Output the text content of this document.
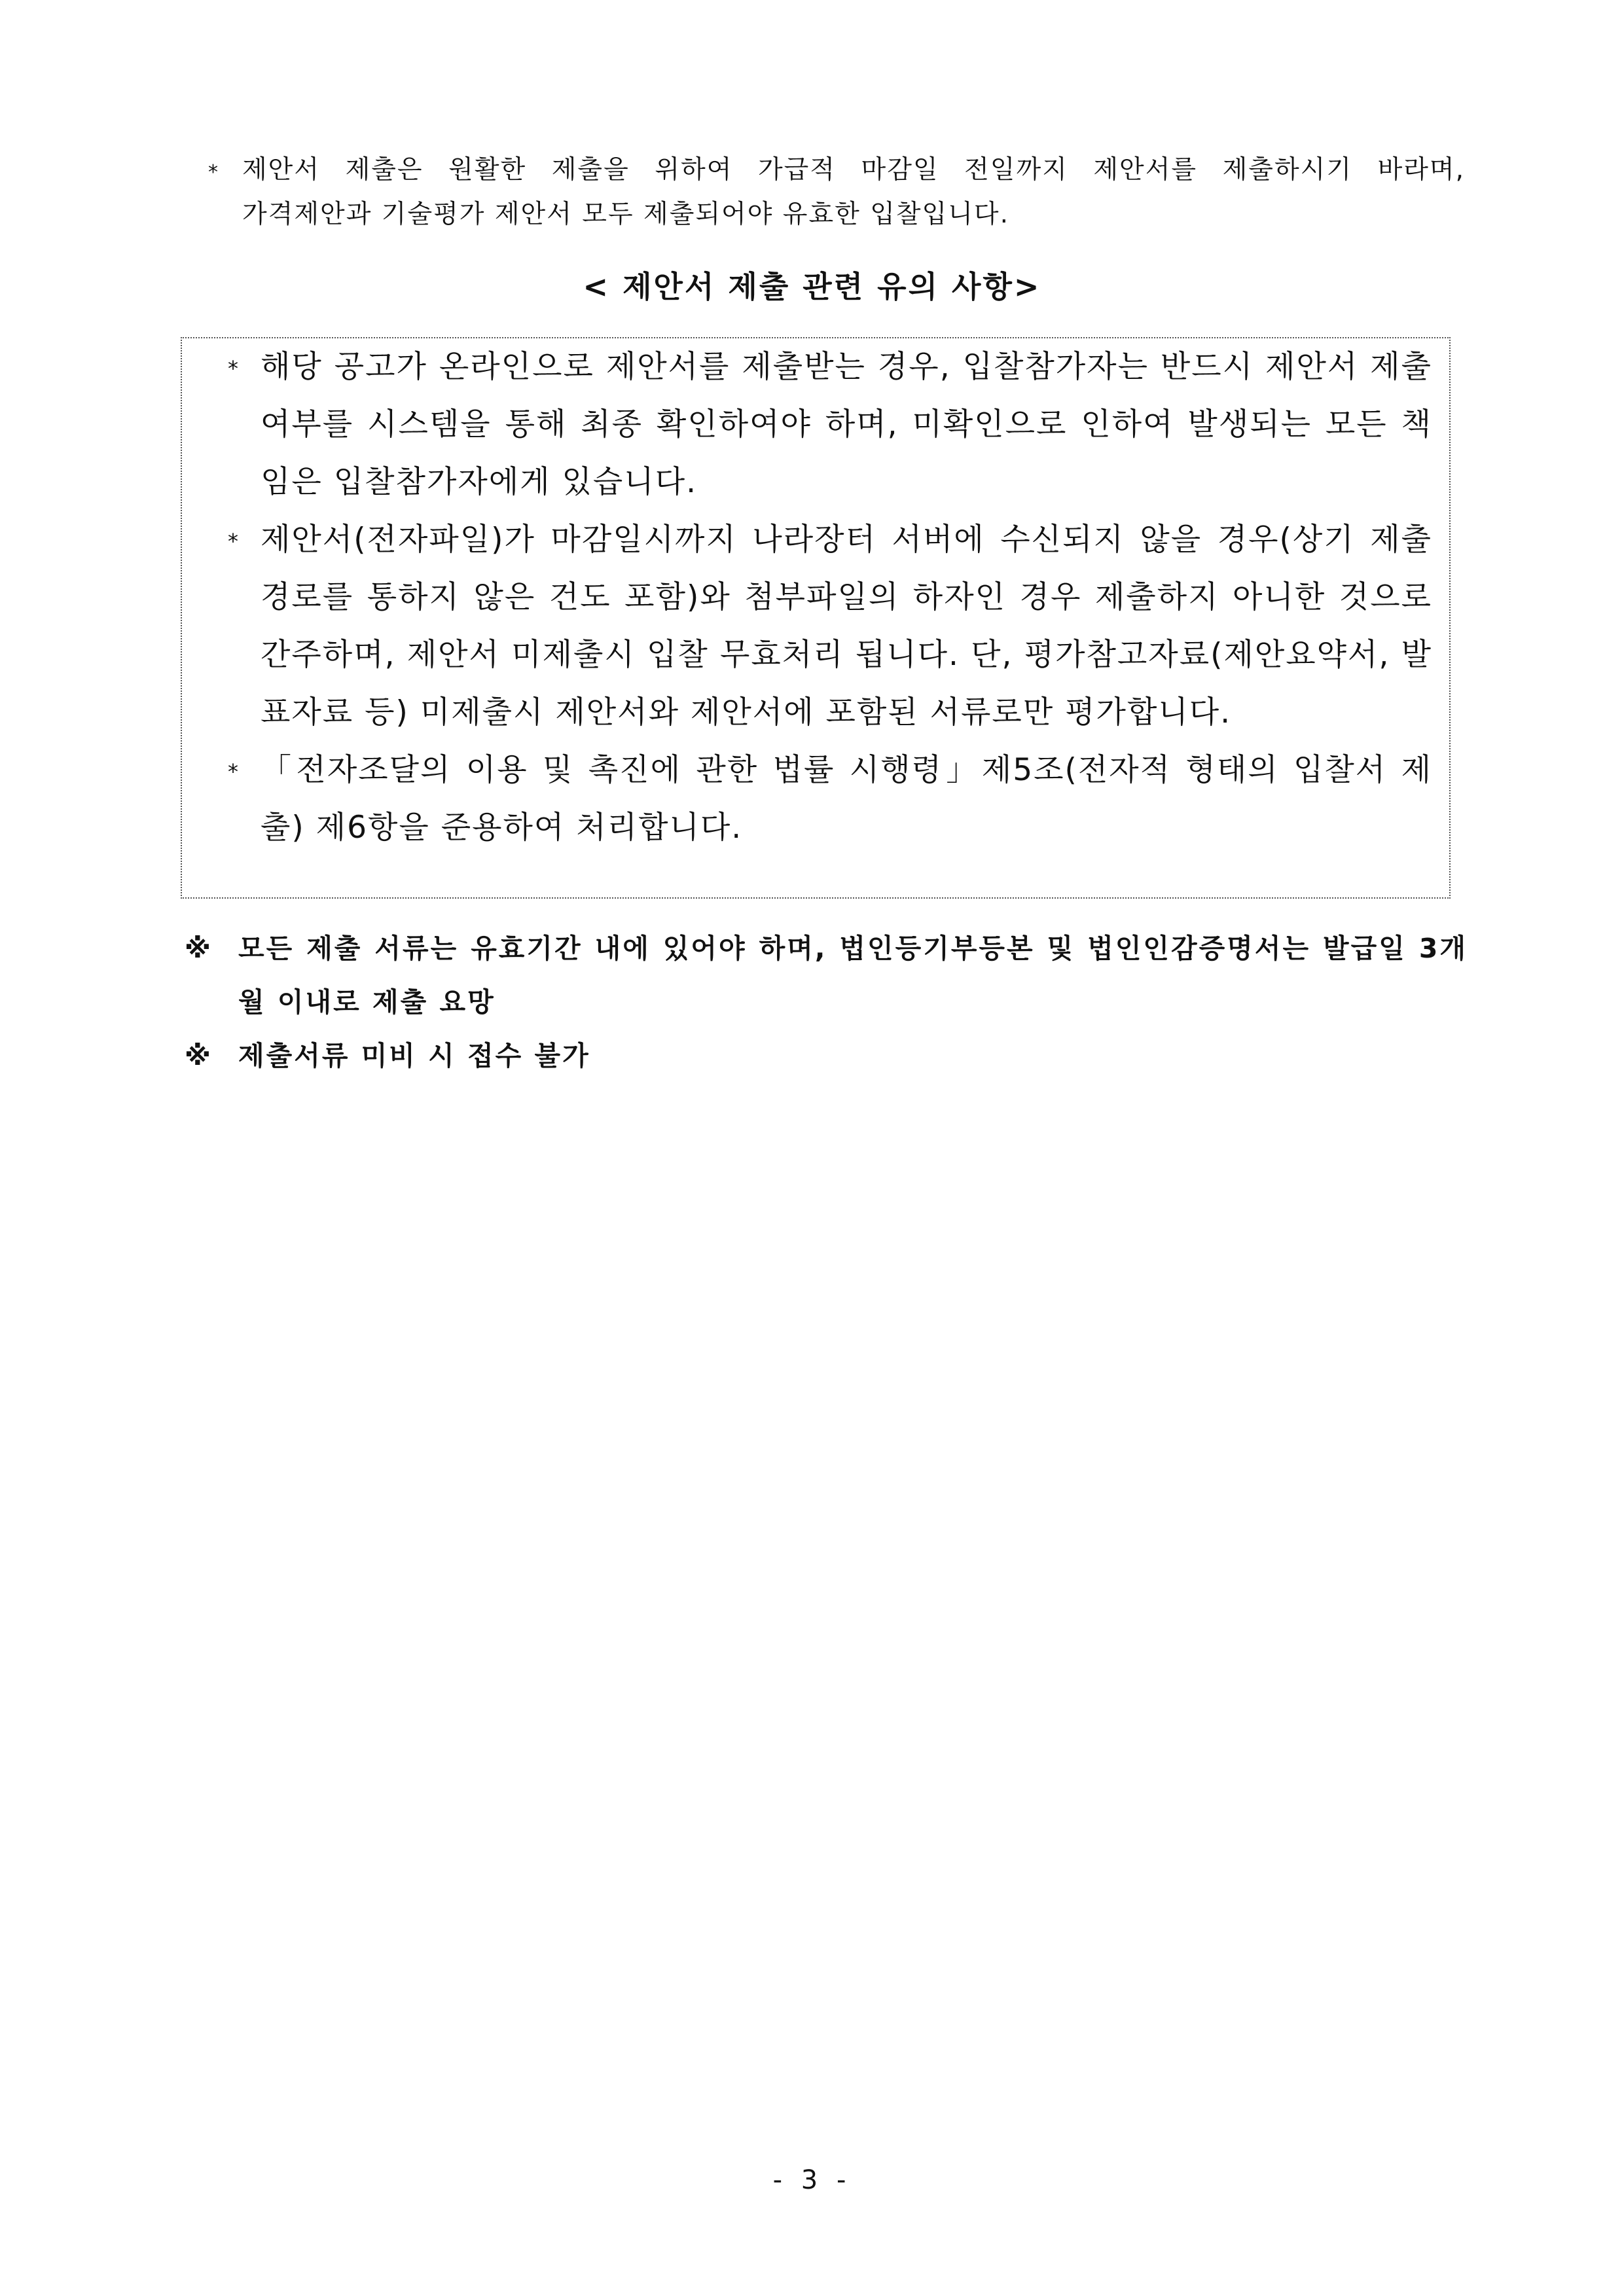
* 제안서 제출은 원활한 제출을 위하여 가급적 마감일 전일까지 제안서를 제출하시기 바라며,
가격제안과 기술평가 제안서 모두 제출되어야 유효한 입찰입니다.
< 제안서 제출 관련 유의 사항>
* 해당 공고가 온라인으로 제안서를 제출받는 경우, 입찰참가자는 반드시 제안서 제출여부를 시스템을 통해 최종 확인하여야 하며, 미확인으로 인하여 발생되는 모든 책임은 입찰참가자에게 있습니다.
* 제안서(전자파일)가 마감일시까지 나라장터 서버에 수신되지 않을 경우(상기 제출 경로를 통하지 않은 건도 포함)와 첨부파일의 하자인 경우 제출하지 아니한 것으로 간주하며, 제안서 미제출시 입찰 무효처리 됩니다. 단, 평가참고자료(제안요약서, 발표자료 등) 미제출시 제안서와 제안서에 포함된 서류로만 평가합니다.
* 「전자조달의 이용 및 촉진에 관한 법률 시행령」제5조(전자적 형태의 입찰서 제출) 제6항을 준용하여 처리합니다.
※ 모든 제출 서류는 유효기간 내에 있어야 하며, 법인등기부등본 및 법인인감증명서는 발급일 3개월 이내로 제출 요망
※ 제출서류 미비 시 접수 불가
- 3 -
